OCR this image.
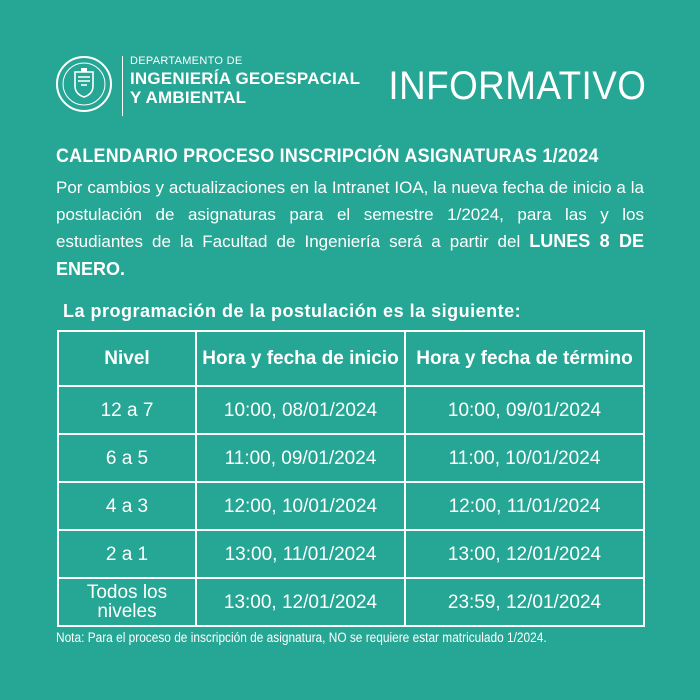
DEPARTAMENTO DE
INGENIERÍA GEOESPACIAL
Y AMBIENTAL	INFORMATIVO
CALENDARIO PROCESO INSCRIPCIÓN ASIGNATURAS 1/2024
Por cambios y actualizaciones en la Intranet IOA, la nueva fecha de inicio a la postulación de asignaturas para el semestre 1/2024, para las y los estudiantes de la Facultad de Ingeniería será a partir del LUNES 8 DE ENERO.
La programación de la postulación es la siguiente:
Nivel	Hora y fecha de inicio	Hora y fecha de término
12 a 7	10:00, 08/01/2024	10:00, 09/01/2024
6 a 5	11:00, 09/01/2024	11:00, 10/01/2024
4 a 3	12:00, 10/01/2024	12:00, 11/01/2024
2 a 1	13:00, 11/01/2024	13:00, 12/01/2024
Todos los niveles	13:00, 12/01/2024	23:59, 12/01/2024
Nota: Para el proceso de inscripción de asignatura, NO se requiere estar matriculado 1/2024.
